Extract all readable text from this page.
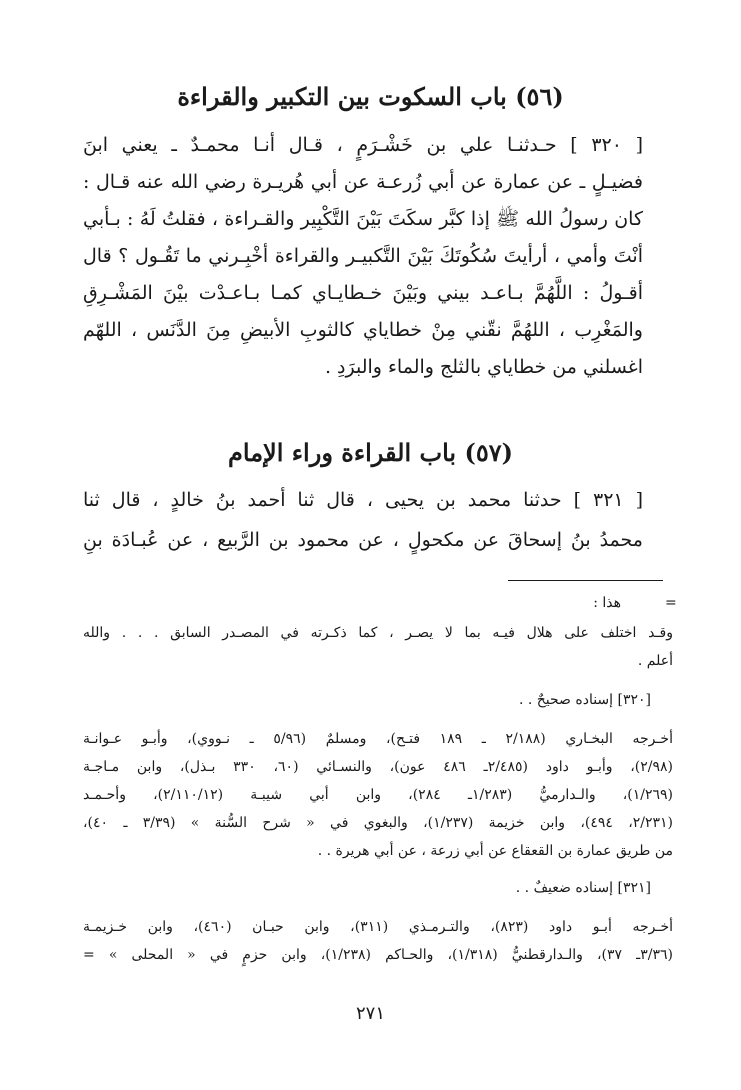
(٥٦) باب السكوت بين التكبير والقراءة
[ ٣٢٠ ] حـدثنـا علي بن خَشْـرَمٍ ، قـال أنـا محمـدٌ ـ يعني ابنَ
فضيـلٍ ـ عن عمارة عن أبي زُرعـة عن أبي هُريـرة رضي الله عنه قـال :
كان رسولُ الله ﷺ إذا كبَّر سكَتَ بَيْنَ التَّكْبِير والقـراءة ، فقلتُ لَهُ : بـأبي
أنْتَ وأمي ، أرأيتَ سُكُوتَكَ بَيْنَ التَّكبيـر والقراءة أخْبِـرني ما تَقُـول ؟ قال
أقـولُ : اللَّهُمَّ بـاعـد بيني وبَيْنَ خـطايـاي كمـا بـاعـدْت بيْنَ المَشْـرِقِ
والمَغْرِب ، اللهُمَّ نقّني مِنْ خطاياي كالثوبِ الأبيضِ مِنَ الدَّنَس ، اللهّم
اغسلني من خطاياي بالثلج والماء والبرَدِ .
(٥٧) باب القراءة وراء الإمام
[ ٣٢١ ] حدثنا محمد بن يحيى ، قال ثنا أحمد بنُ خالدٍ ، قال ثنا
محمدُ بنُ إسحاقَ عن مكحولٍ ، عن محمود بن الرَّبيع ، عن عُبـادَة بنِ
=
هذا :
وقـد اختلف على هلال فيـه بما لا يصـر ، كما ذكـرته في المصـدر السابق . . . والله
أعلم .
[٣٢٠] إسناده صحيحٌ . .
أخـرجه البخـاري (٢/١٨٨ ـ ١٨٩ فتـح)، ومسلمٌ (٥/٩٦ ـ نـووي)، وأبـو عـوانـة
(٢/٩٨)، وأبـو داود (٢/٤٨٥ـ ٤٨٦ عون)، والنسـائي (٦٠، ٣٣٠ بـذل)، وابن مـاجـة
(١/٢٦٩)، والـدارميُّ (١/٢٨٣ـ ٢٨٤)، وابن أبي شيبـة (٢/١١٠/١٢)، وأحـمـد
(٢/٢٣١، ٤٩٤)، وابن خزيمة (١/٢٣٧)، والبغوي في « شرح السُّنة » (٣/٣٩ ـ ٤٠)،
من طريق عمارة بن القعقاع عن أبي زرعة ، عن أبي هريرة . .
[٣٢١] إسناده ضعيفٌ . .
أخـرجه أبـو داود (٨٢٣)، والتـرمـذي (٣١١)، وابن حبـان (٤٦٠)، وابن خـزيمـة
(٣/٣٦ـ ٣٧)، والـدارقطنيُّ (١/٣١٨)، والحـاكم (١/٢٣٨)، وابن حزمٍ في « المحلى » =
٢٧١
